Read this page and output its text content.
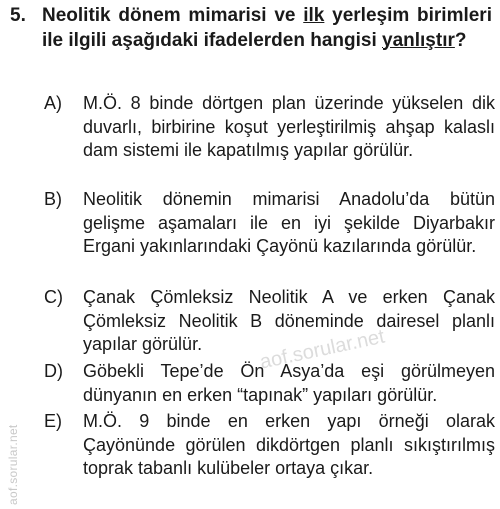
5. Neolitik dönem mimarisi ve ilk yerleşim birimleri ile ilgili aşağıdaki ifadelerden hangisi yanlıştır?
A) M.Ö. 8 binde dörtgen plan üzerinde yükselen dik duvarlı, birbirine koşut yerleştirilmiş ahşap kalaslı dam sistemi ile kapatılmış yapılar görülür.
B) Neolitik dönemin mimarisi Anadolu’da bütün gelişme aşamaları ile en iyi şekilde Diyarbakır Ergani yakınlarındaki Çayönü kazılarında görülür.
C) Çanak Çömleksiz Neolitik A ve erken Çanak Çömleksiz Neolitik B döneminde dairesel planlı yapılar görülür.
D) Göbekli Tepe’de Ön Asya’da eşi görülmeyen dünyanın en erken “tapınak” yapıları görülür.
E) M.Ö. 9 binde en erken yapı örneği olarak Çayönünde görülen dikdörtgen planlı sıkıştırılmış toprak tabanlı kulübeler ortaya çıkar.
aof.sorular.net
aof.sorular.net
